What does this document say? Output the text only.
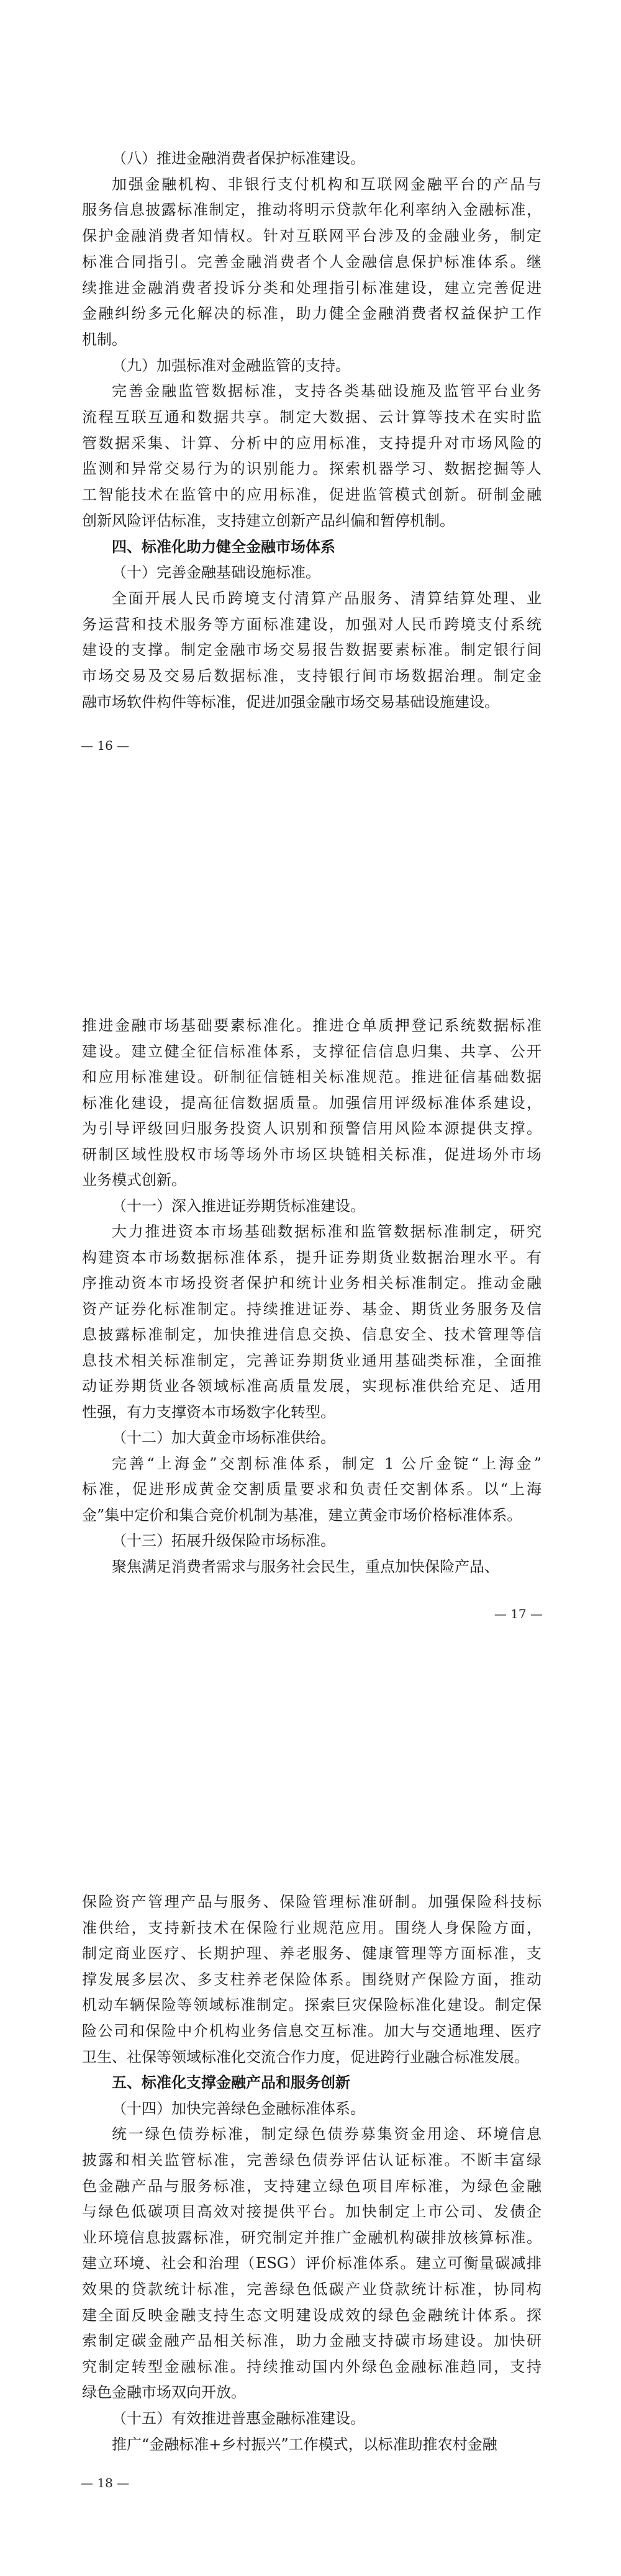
（八）推进金融消费者保护标准建设。
加强金融机构、非银行支付机构和互联网金融平台的产品与
服务信息披露标准制定，推动将明示贷款年化利率纳入金融标准，
保护金融消费者知情权。针对互联网平台涉及的金融业务，制定
标准合同指引。完善金融消费者个人金融信息保护标准体系。继
续推进金融消费者投诉分类和处理指引标准建设，建立完善促进
金融纠纷多元化解决的标准，助力健全金融消费者权益保护工作
机制。
（九）加强标准对金融监管的支持。
完善金融监管数据标准，支持各类基础设施及监管平台业务
流程互联互通和数据共享。制定大数据、云计算等技术在实时监
管数据采集、计算、分析中的应用标准，支持提升对市场风险的
监测和异常交易行为的识别能力。探索机器学习、数据挖掘等人
工智能技术在监管中的应用标准，促进监管模式创新。研制金融
创新风险评估标准，支持建立创新产品纠偏和暂停机制。
四、标准化助力健全金融市场体系
（十）完善金融基础设施标准。
全面开展人民币跨境支付清算产品服务、清算结算处理、业
务运营和技术服务等方面标准建设，加强对人民币跨境支付系统
建设的支撑。制定金融市场交易报告数据要素标准。制定银行间
市场交易及交易后数据标准，支持银行间市场数据治理。制定金
融市场软件构件等标准，促进加强金融市场交易基础设施建设。
— 16 —
推进金融市场基础要素标准化。推进仓单质押登记系统数据标准
建设。建立健全征信标准体系，支撑征信信息归集、共享、公开
和应用标准建设。研制征信链相关标准规范。推进征信基础数据
标准化建设，提高征信数据质量。加强信用评级标准体系建设，
为引导评级回归服务投资人识别和预警信用风险本源提供支撑。
研制区域性股权市场等场外市场区块链相关标准，促进场外市场
业务模式创新。
（十一）深入推进证券期货标准建设。
大力推进资本市场基础数据标准和监管数据标准制定，研究
构建资本市场数据标准体系，提升证券期货业数据治理水平。有
序推动资本市场投资者保护和统计业务相关标准制定。推动金融
资产证券化标准制定。持续推进证券、基金、期货业务服务及信
息披露标准制定，加快推进信息交换、信息安全、技术管理等信
息技术相关标准制定，完善证券期货业通用基础类标准，全面推
动证券期货业各领域标准高质量发展，实现标准供给充足、适用
性强，有力支撑资本市场数字化转型。
（十二）加大黄金市场标准供给。
完善“上海金”交割标准体系，制定 1 公斤金锭“上海金”
标准，促进形成黄金交割质量要求和负责任交割体系。以“上海
金”集中定价和集合竞价机制为基准，建立黄金市场价格标准体系。
（十三）拓展升级保险市场标准。
聚焦满足消费者需求与服务社会民生，重点加快保险产品、
— 17 —
保险资产管理产品与服务、保险管理标准研制。加强保险科技标
准供给，支持新技术在保险行业规范应用。围绕人身保险方面，
制定商业医疗、长期护理、养老服务、健康管理等方面标准，支
撑发展多层次、多支柱养老保险体系。围绕财产保险方面，推动
机动车辆保险等领域标准制定。探索巨灾保险标准化建设。制定保
险公司和保险中介机构业务信息交互标准。加大与交通地理、医疗
卫生、社保等领域标准化交流合作力度，促进跨行业融合标准发展。
五、标准化支撑金融产品和服务创新
（十四）加快完善绿色金融标准体系。
统一绿色债券标准，制定绿色债券募集资金用途、环境信息
披露和相关监管标准，完善绿色债券评估认证标准。不断丰富绿
色金融产品与服务标准，支持建立绿色项目库标准，为绿色金融
与绿色低碳项目高效对接提供平台。加快制定上市公司、发债企
业环境信息披露标准，研究制定并推广金融机构碳排放核算标准。
建立环境、社会和治理（ESG）评价标准体系。建立可衡量碳减排
效果的贷款统计标准，完善绿色低碳产业贷款统计标准，协同构
建全面反映金融支持生态文明建设成效的绿色金融统计体系。探
索制定碳金融产品相关标准，助力金融支持碳市场建设。加快研
究制定转型金融标准。持续推动国内外绿色金融标准趋同，支持
绿色金融市场双向开放。
（十五）有效推进普惠金融标准建设。
推广“金融标准+乡村振兴”工作模式，以标准助推农村金融
— 18 —
